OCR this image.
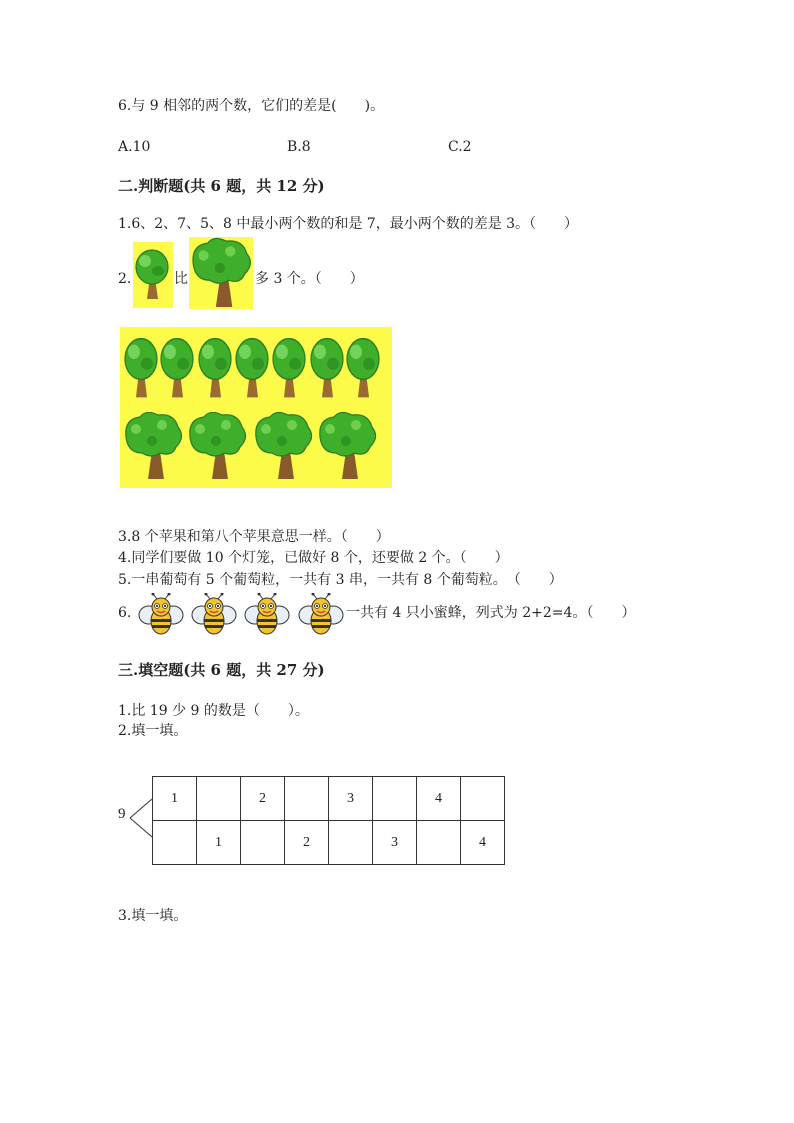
6.与 9 相邻的两个数，它们的差是(　　)。
A.10	B.8	C.2
二.判断题(共 6 题，共 12 分)
1.6、2、7、5、8 中最小两个数的和是 7，最小两个数的差是 3。（　　）
2.	比	多 3 个。（　　）
3.8 个苹果和第八个苹果意思一样。（　　）
4.同学们要做 10 个灯笼，已做好 8 个，还要做 2 个。（　　）
5.一串葡萄有 5 个葡萄粒，一共有 3 串，一共有 8 个葡萄粒。　（　　）
6.	一共有 4 只小蜜蜂，列式为 2+2=4。（　　）
三.填空题(共 6 题，共 27 分)
1.比 19 少 9 的数是（　　）。
2.填一填。
9
1		2		3		4	
	1		2		3		4
3.填一填。
